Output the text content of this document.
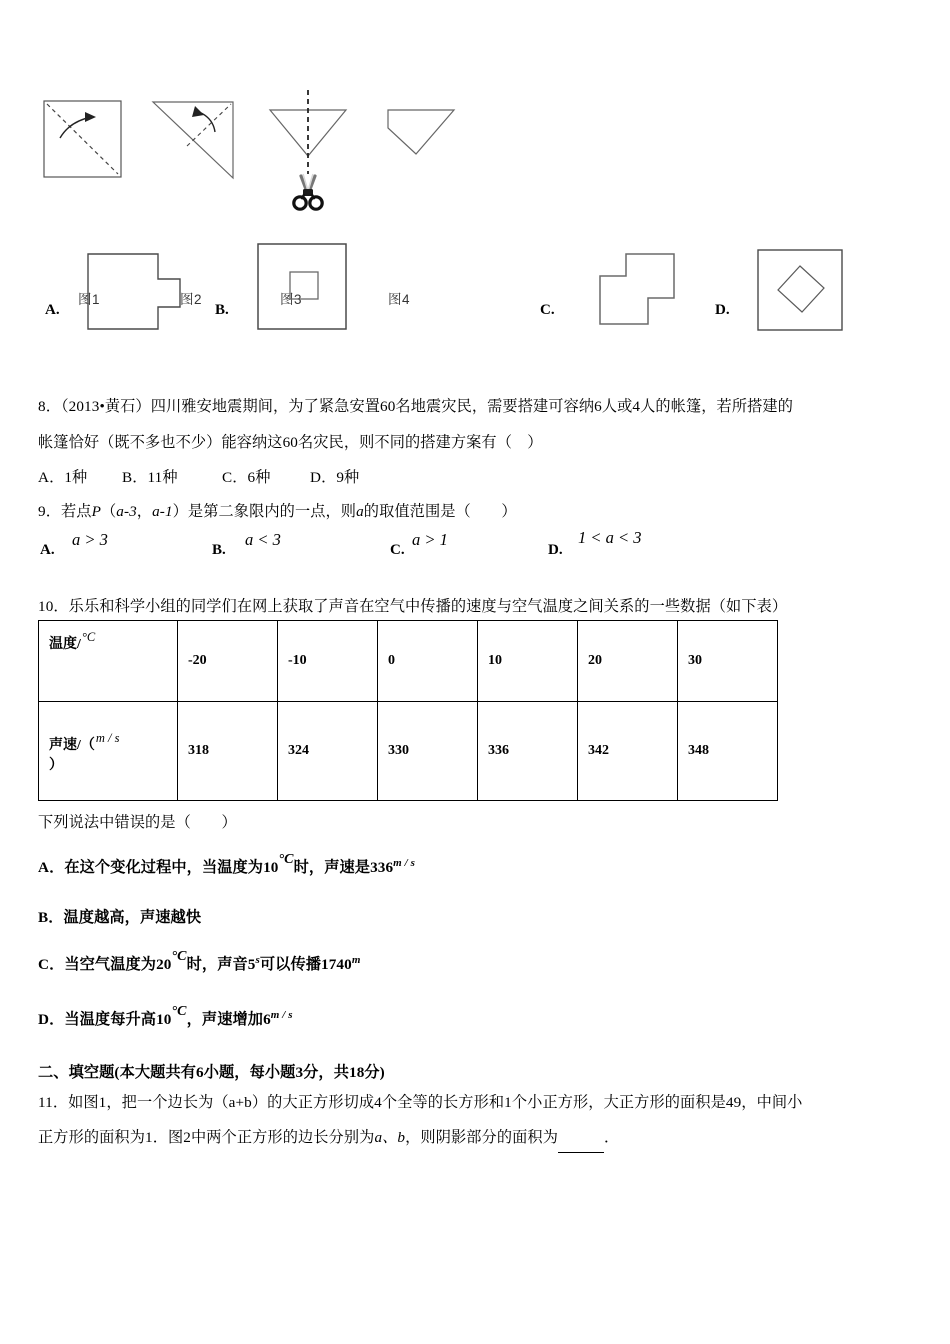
图1	图2	图3	图4
A.	B.	C.	D.
8．（2013•黄石）四川雅安地震期间，为了紧急安置60名地震灾民，需要搭建可容纳6人或4人的帐篷，若所搭建的
帐篷恰好（既不多也不少）能容纳这60名灾民，则不同的搭建方案有（　）
A．1种 B．11种	C．6种	D．9种
9．若点P（a-3，a-1）是第二象限内的一点，则a的取值范围是（　　）
A.
a > 3
B.
a < 3
C.
a > 1
D.
1 < a < 3
10．乐乐和科学小组的同学们在网上获取了声音在空气中传播的速度与空气温度之间关系的一些数据（如下表）
温度/°C	-20	-10	0	10	20	30
声速/（m / s
）	318	324	330	336	342	348
下列说法中错误的是（　　）
A．在这个变化过程中，当温度为10°C时，声速是$336^{m / s}$
B．温度越高，声速越快
C．当空气温度为20°C时，声音5$^s$可以传播1740$^m$
D．当温度每升高10°C，声速增加$6^{m / s}$
二、填空题(本大题共有6小题，每小题3分，共18分)
11．如图1，把一个边长为（a+b）的大正方形切成4个全等的长方形和1个小正方形，大正方形的面积是49，中间小
正方形的面积为1．图2中两个正方形的边长分别为a、b，则阴影部分的面积为	．
